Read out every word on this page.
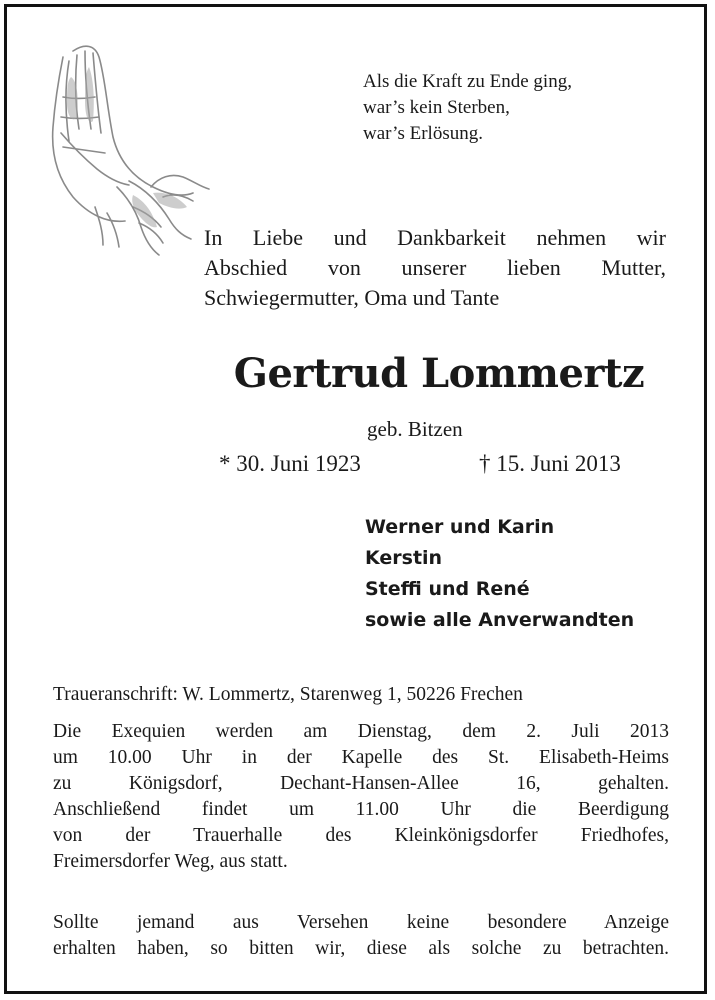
Als die Kraft zu Ende ging,
war’s kein Sterben,
war’s Erlösung.
In Liebe und Dankbarkeit nehmen wir
Abschied von unserer lieben Mutter,
Schwiegermutter, Oma und Tante
Gertrud Lommertz
geb. Bitzen
* 30. Juni 1923	† 15. Juni 2013
Werner und Karin
Kerstin
Steffi und René
sowie alle Anverwandten
Traueranschrift: W. Lommertz, Starenweg 1, 50226 Frechen
Die Exequien werden am Dienstag, dem 2. Juli 2013
um 10.00 Uhr in der Kapelle des St. Elisabeth-Heims
zu Königsdorf, Dechant-Hansen-Allee 16, gehalten.
Anschließend findet um 11.00 Uhr die Beerdigung
von der Trauerhalle des Kleinkönigsdorfer Friedhofes,
Freimersdorfer Weg, aus statt.
Sollte jemand aus Versehen keine besondere Anzeige
erhalten haben, so bitten wir, diese als solche zu betrachten.
